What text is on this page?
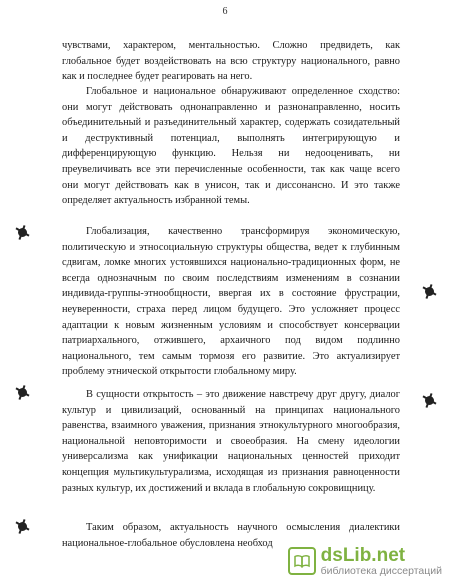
6

чувствами, характером, ментальностью. Сложно предвидеть, как глобальное будет воздействовать на всю структуру национального, равно как и последнее будет реагировать на него.

Глобальное и национальное обнаруживают определенное сходство: они могут действовать однонаправленно и разнонаправленно, носить объединительный и разъединительный характер, содержать созидательный и деструктивный потенциал, выполнять интегрирующую и дифференцирующую функцию. Нельзя ни недооценивать, ни преувеличивать все эти перечисленные особенности, так как чаще всего они могут действовать как в унисон, так и диссонансно. И это также определяет актуальность избранной темы.

Глобализация, качественно трансформируя экономическую, политическую и этносоциальную структуры общества, ведет к глубинным сдвигам, ломке многих устоявшихся национально-традиционных форм, не всегда однозначным по своим последствиям изменениям в сознании индивида-группы-этнообщности, ввергая их в состояние фрустрации, неуверенности, страха перед лицом будущего. Это усложняет процесс адаптации к новым жизненным условиям и способствует консервации патриархального, отжившего, архаичного под видом подлинно национального, тем самым тормозя его развитие. Это актуализирует проблему этнической открытости глобальному миру.

В сущности открытость – это движение навстречу друг другу, диалог культур и цивилизаций, основанный на принципах национального равенства, взаимного уважения, признания этнокультурного многообразия, национальной неповторимости и своеобразия. На смену идеологии универсализма как унификации национальных ценностей приходит концепция мультикультурализма, исходящая из признания равноценности разных культур, их достижений и вклада в глобальную сокровищницу.

Таким образом, актуальность научного осмысления диалектики национальное-глобальное обусловлена необход

dsLib.net
библиотека диссертаций
